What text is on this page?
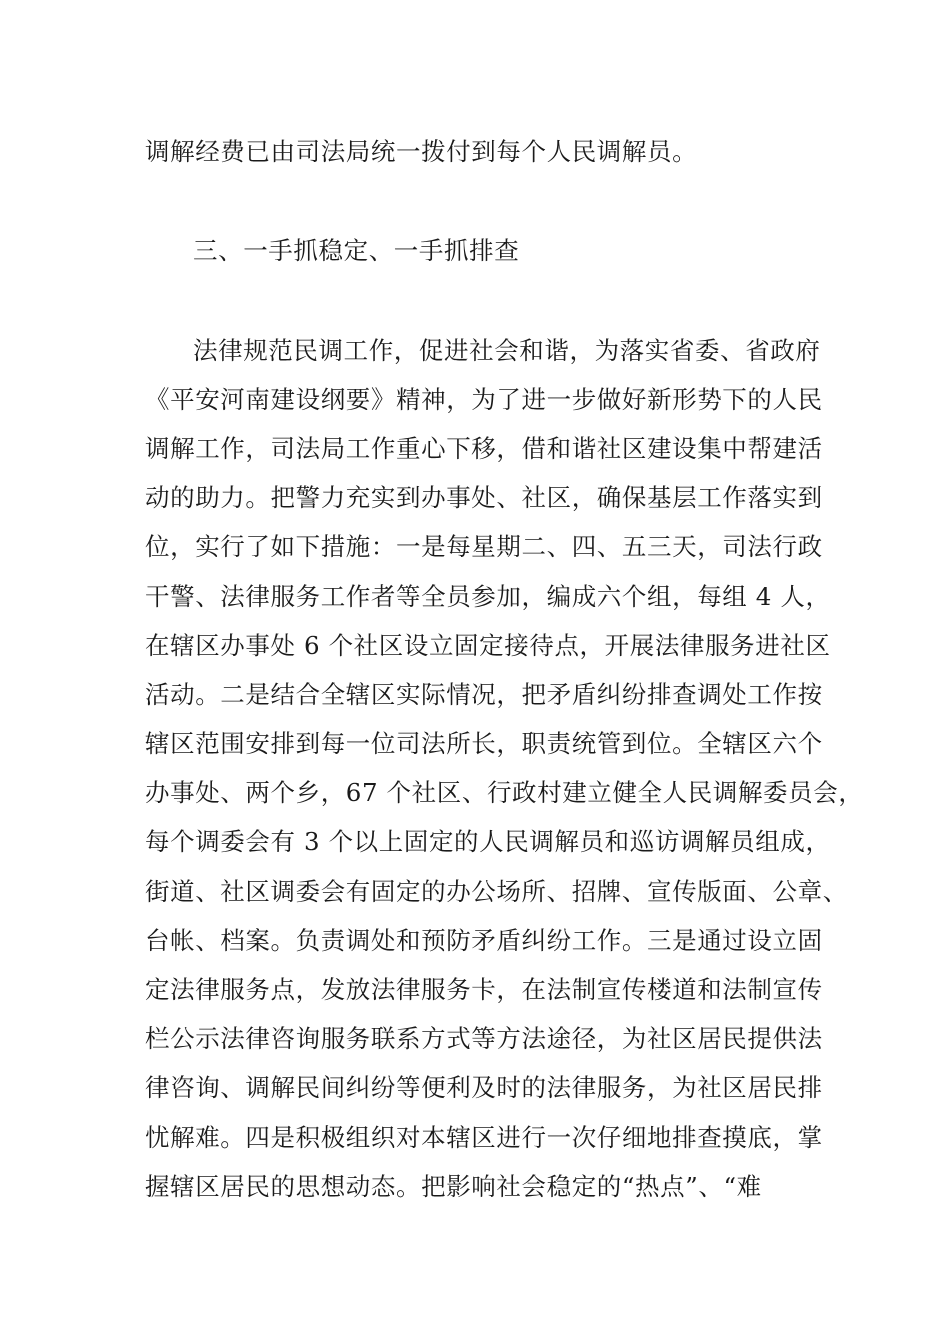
调解经费已由司法局统一拨付到每个人民调解员。
三、一手抓稳定、一手抓排查
法律规范民调工作，促进社会和谐，为落实省委、省政府
《平安河南建设纲要》精神，为了进一步做好新形势下的人民
调解工作，司法局工作重心下移，借和谐社区建设集中帮建活
动的助力。把警力充实到办事处、社区，确保基层工作落实到
位，实行了如下措施：一是每星期二、四、五三天，司法行政
干警、法律服务工作者等全员参加，编成六个组，每组 4 人，
在辖区办事处 6 个社区设立固定接待点，开展法律服务进社区
活动。二是结合全辖区实际情况，把矛盾纠纷排查调处工作按
辖区范围安排到每一位司法所长，职责统管到位。全辖区六个
办事处、两个乡，67 个社区、行政村建立健全人民调解委员会，
每个调委会有 3 个以上固定的人民调解员和巡访调解员组成，
街道、社区调委会有固定的办公场所、招牌、宣传版面、公章、
台帐、档案。负责调处和预防矛盾纠纷工作。三是通过设立固
定法律服务点，发放法律服务卡，在法制宣传楼道和法制宣传
栏公示法律咨询服务联系方式等方法途径，为社区居民提供法
律咨询、调解民间纠纷等便利及时的法律服务，为社区居民排
忧解难。四是积极组织对本辖区进行一次仔细地排查摸底，掌
握辖区居民的思想动态。把影响社会稳定的“热点”、“难
